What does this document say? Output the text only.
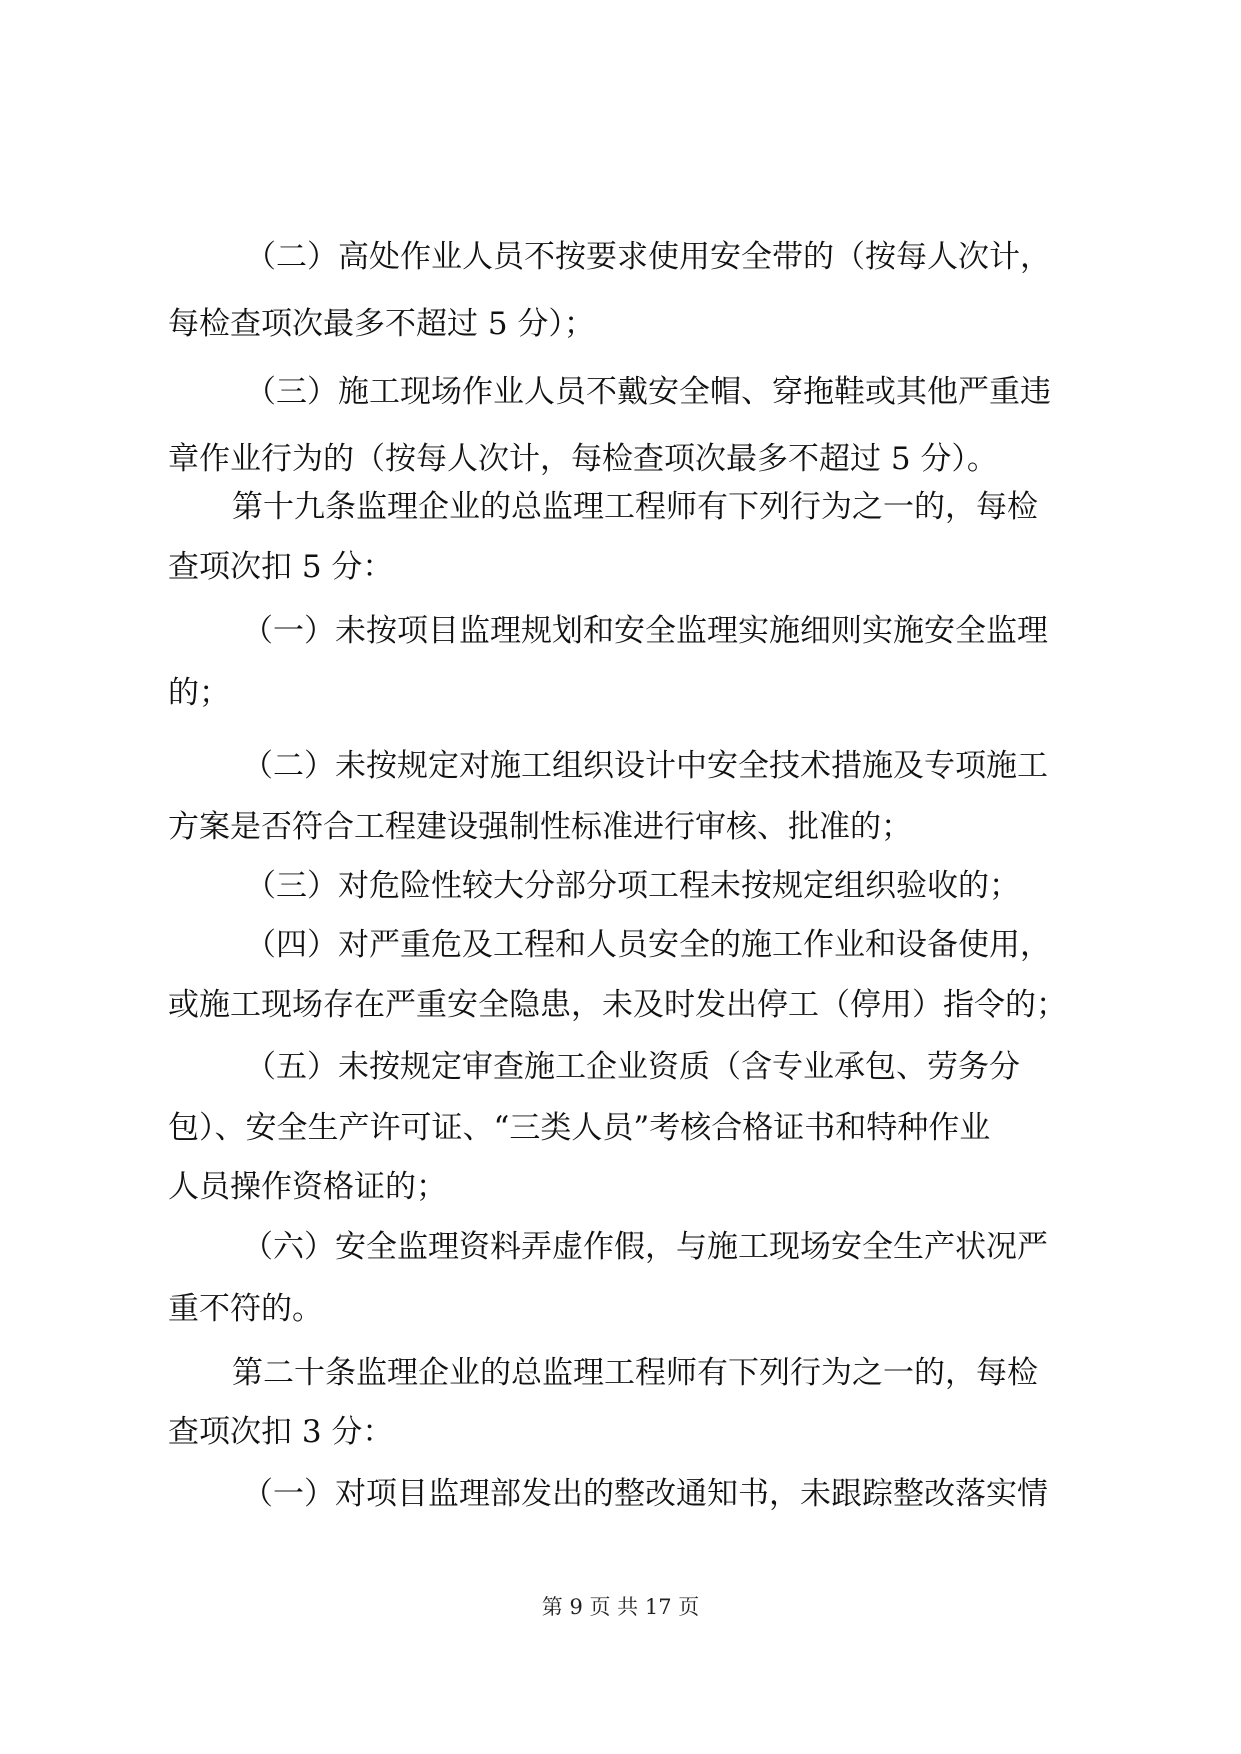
（二）高处作业人员不按要求使用安全带的（按每人次计，

每检查项次最多不超过 5 分）；

（三）施工现场作业人员不戴安全帽、穿拖鞋或其他严重违

章作业行为的（按每人次计，每检查项次最多不超过 5 分）。

第十九条监理企业的总监理工程师有下列行为之一的，每检

查项次扣 5 分：

（一）未按项目监理规划和安全监理实施细则实施安全监理

的；

（二）未按规定对施工组织设计中安全技术措施及专项施工

方案是否符合工程建设强制性标准进行审核、批准的；

（三）对危险性较大分部分项工程未按规定组织验收的；

（四）对严重危及工程和人员安全的施工作业和设备使用，

或施工现场存在严重安全隐患，未及时发出停工（停用）指令的；

（五）未按规定审查施工企业资质（含专业承包、劳务分

包）、安全生产许可证、“三类人员”考核合格证书和特种作业

人员操作资格证的；

（六）安全监理资料弄虚作假，与施工现场安全生产状况严

重不符的。

第二十条监理企业的总监理工程师有下列行为之一的，每检

查项次扣 3 分：

（一）对项目监理部发出的整改通知书，未跟踪整改落实情

第 9 页 共 17 页
